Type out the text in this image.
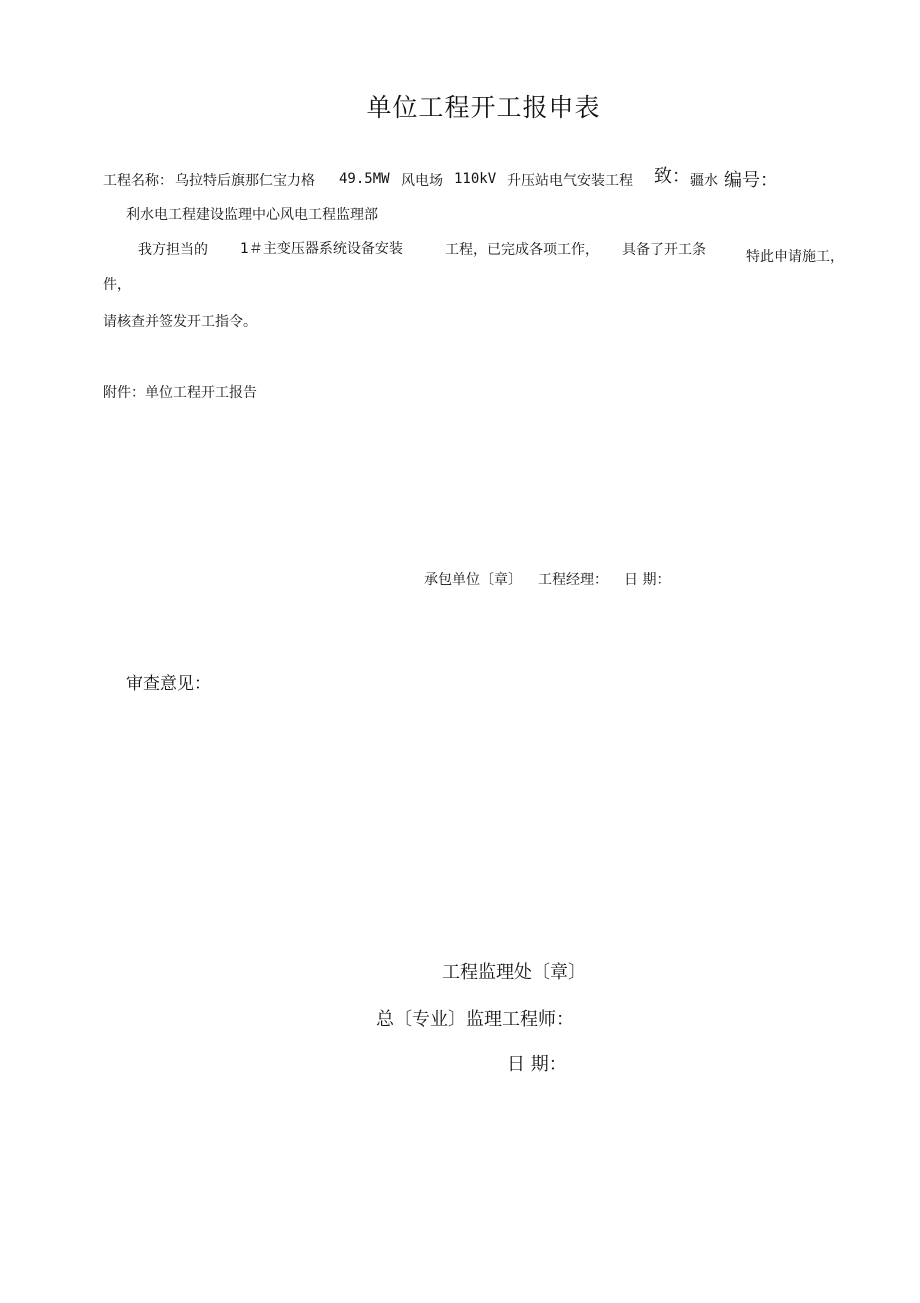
单位工程开工报申表
工程名称： 乌拉特后旗那仁宝力格 49.5MW 风电场 110kV 升压站电气安装工程 致： 疆水 编号：
利水电工程建设监理中心风电工程监理部
我方担当的 1＃主变压器系统设备安装	工程，已完成各项工作， 具备了开工条	特此申请施工，
件，
请核查并签发开工指令。
附件：单位工程开工报告
承包单位〔章〕 工程经理： 日 期：
审查意见：
工程监理处〔章〕
总〔专业〕监理工程师：
日 期：
